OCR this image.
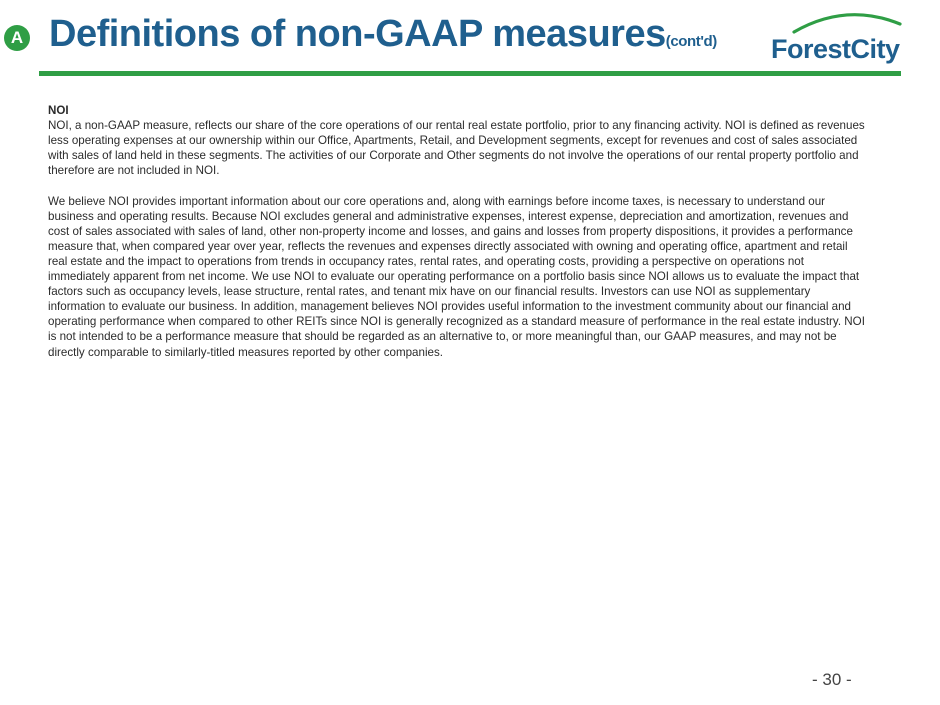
A Definitions of non-GAAP measures(cont'd) ForestCity
NOI

NOI, a non-GAAP measure, reflects our share of the core operations of our rental real estate portfolio, prior to any financing activity. NOI is defined as revenues less operating expenses at our ownership within our Office, Apartments, Retail, and Development segments, except for revenues and cost of sales associated with sales of land held in these segments. The activities of our Corporate and Other segments do not involve the operations of our rental property portfolio and therefore are not included in NOI.

We believe NOI provides important information about our core operations and, along with earnings before income taxes, is necessary to understand our business and operating results. Because NOI excludes general and administrative expenses, interest expense, depreciation and amortization, revenues and cost of sales associated with sales of land, other non-property income and losses, and gains and losses from property dispositions, it provides a performance measure that, when compared year over year, reflects the revenues and expenses directly associated with owning and operating office, apartment and retail real estate and the impact to operations from trends in occupancy rates, rental rates, and operating costs, providing a perspective on operations not immediately apparent from net income. We use NOI to evaluate our operating performance on a portfolio basis since NOI allows us to evaluate the impact that factors such as occupancy levels, lease structure, rental rates, and tenant mix have on our financial results. Investors can use NOI as supplementary information to evaluate our business. In addition, management believes NOI provides useful information to the investment community about our financial and operating performance when compared to other REITs since NOI is generally recognized as a standard measure of performance in the real estate industry. NOI is not intended to be a performance measure that should be regarded as an alternative to, or more meaningful than, our GAAP measures, and may not be directly comparable to similarly-titled measures reported by other companies.

- 30 -
